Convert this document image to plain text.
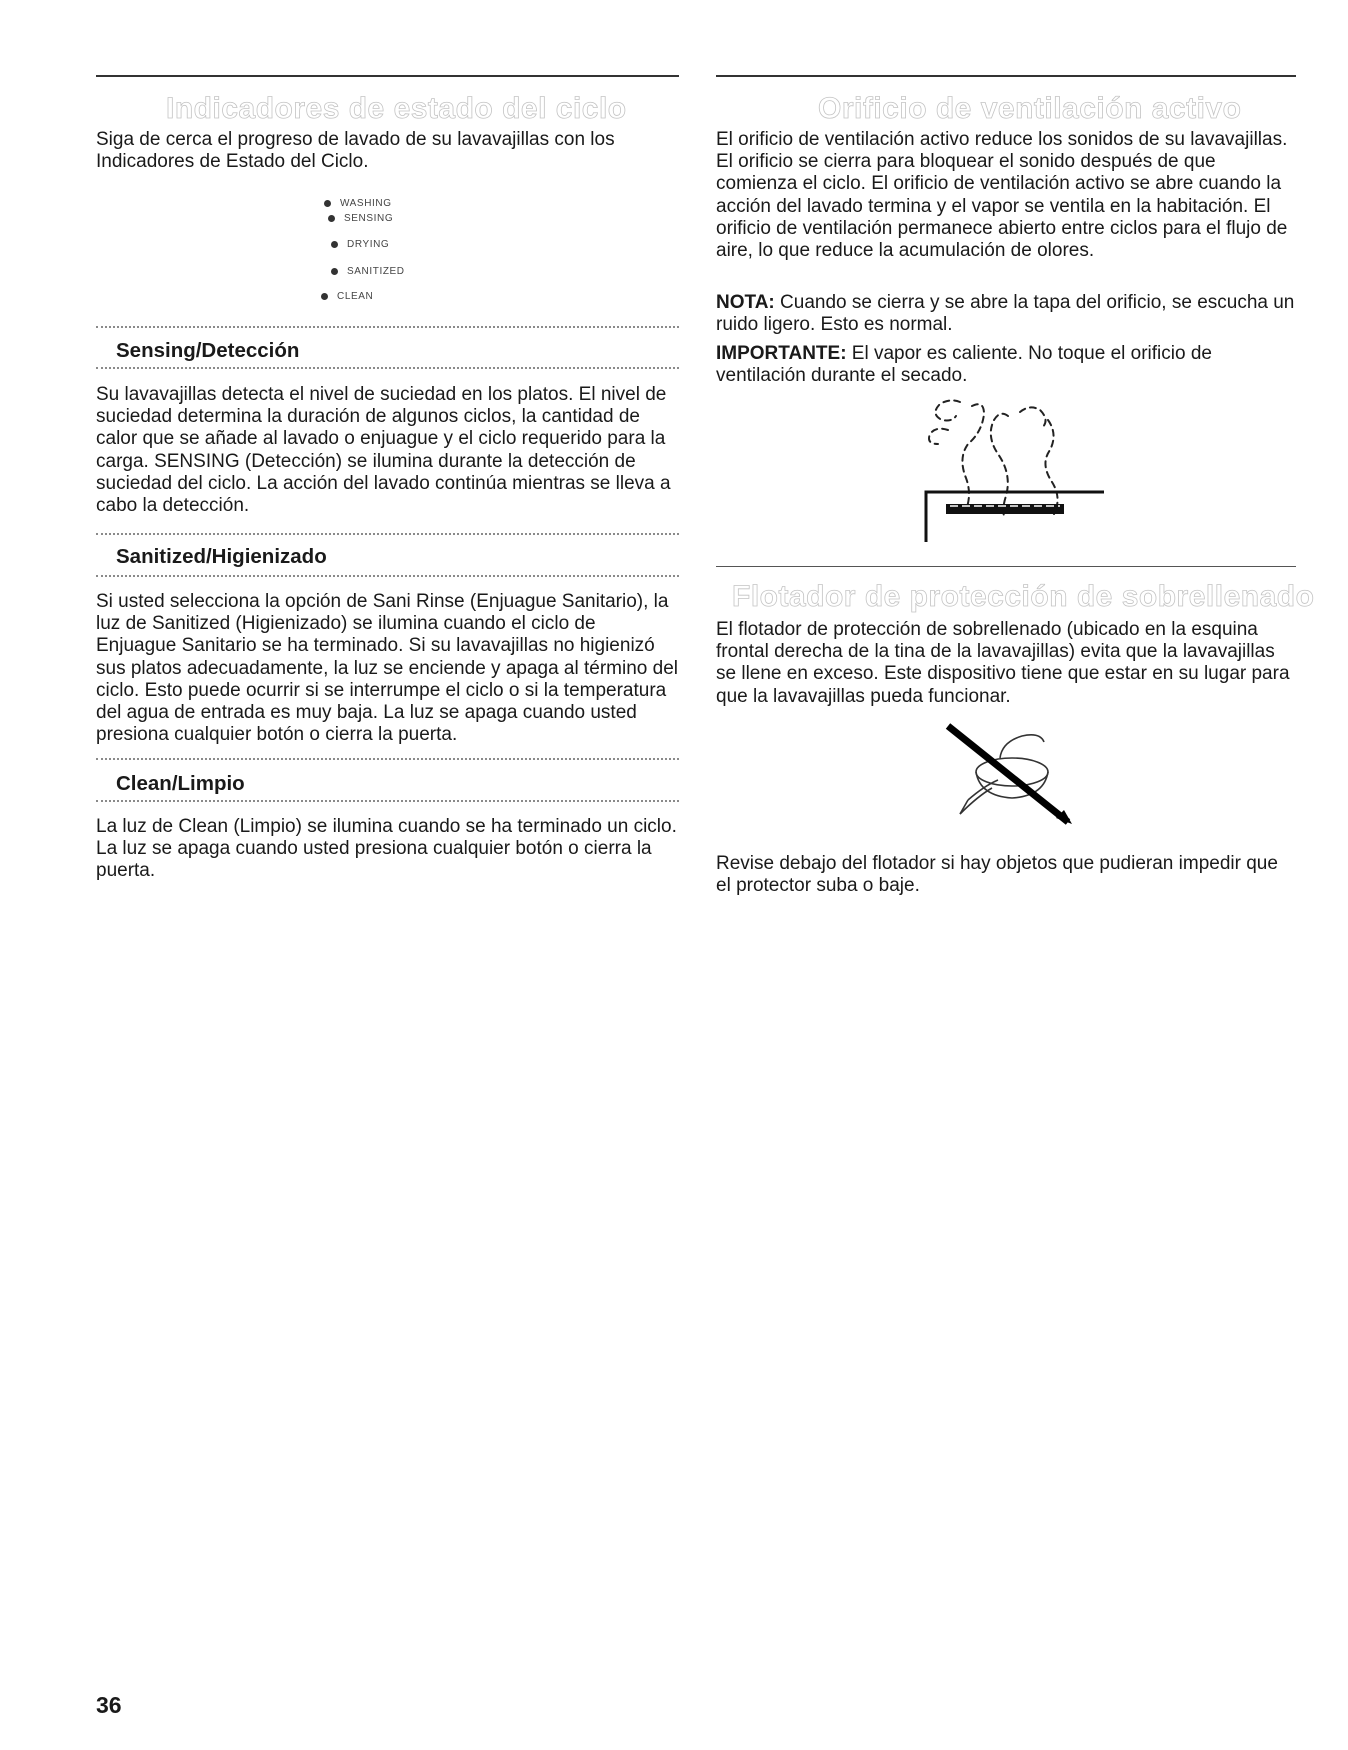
Indicadores de estado del ciclo

Siga de cerca el progreso de lavado de su lavavajillas con los Indicadores de Estado del Ciclo.

WASHING
SENSING
DRYING
SANITIZED
CLEAN
Sensing/Detección

Su lavavajillas detecta el nivel de suciedad en los platos. El nivel de suciedad determina la duración de algunos ciclos, la cantidad de calor que se añade al lavado o enjuague y el ciclo requerido para la carga. SENSING (Detección) se ilumina durante la detección de suciedad del ciclo. La acción del lavado continúa mientras se lleva a cabo la detección.

Sanitized/Higienizado

Si usted selecciona la opción de Sani Rinse (Enjuague Sanitario), la luz de Sanitized (Higienizado) se ilumina cuando el ciclo de Enjuague Sanitario se ha terminado. Si su lavavajillas no higienizó sus platos adecuadamente, la luz se enciende y apaga al término del ciclo. Esto puede ocurrir si se interrumpe el ciclo o si la temperatura del agua de entrada es muy baja. La luz se apaga cuando usted presiona cualquier botón o cierra la puerta.

Clean/Limpio

La luz de Clean (Limpio) se ilumina cuando se ha terminado un ciclo. La luz se apaga cuando usted presiona cualquier botón o cierra la puerta.

Orificio de ventilación activo

El orificio de ventilación activo reduce los sonidos de su lavavajillas. El orificio se cierra para bloquear el sonido después de que comienza el ciclo. El orificio de ventilación activo se abre cuando la acción del lavado termina y el vapor se ventila en la habitación. El orificio de ventilación permanece abierto entre ciclos para el flujo de aire, lo que reduce la acumulación de olores.

NOTA: Cuando se cierra y se abre la tapa del orificio, se escucha un ruido ligero. Esto es normal.

IMPORTANTE: El vapor es caliente. No toque el orificio de ventilación durante el secado.

Flotador de protección de sobrellenado

El flotador de protección de sobrellenado (ubicado en la esquina frontal derecha de la tina de la lavavajillas) evita que la lavavajillas se llene en exceso. Este dispositivo tiene que estar en su lugar para que la lavavajillas pueda funcionar.

Revise debajo del flotador si hay objetos que pudieran impedir que el protector suba o baje.

36
